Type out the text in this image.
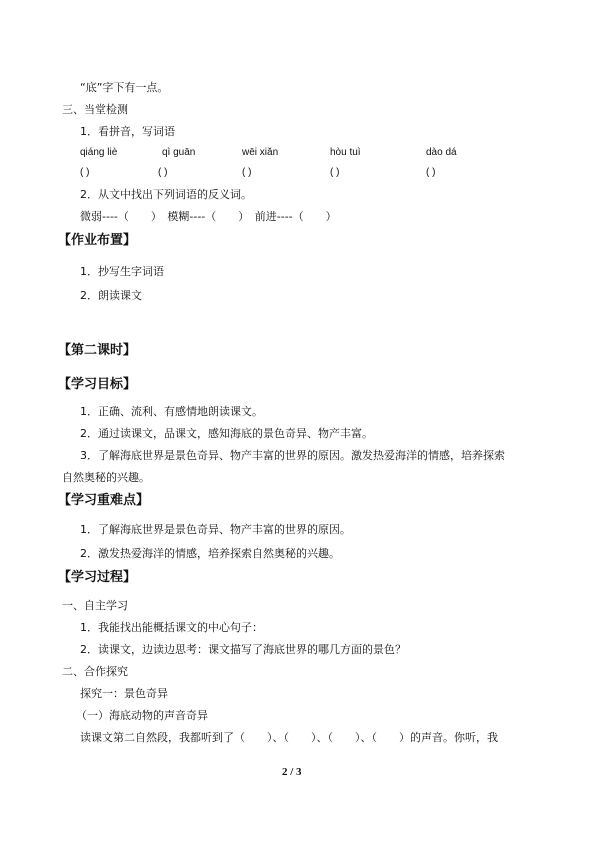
“底”字下有一点。
三、当堂检测
1．看拼音，写词语
qiáng liè	qì guān	wēi xiǎn	hòu tuì	dào dá
( )	( )	( )	( )	( )
2．从文中找出下列词语的反义词。
微弱----（　　）　模糊----（　　）　前进----（　　）
【作业布置】
1．抄写生字词语
2．朗读课文
【第二课时】
【学习目标】
1．正确、流利、有感情地朗读课文。
2．通过读课文，品课文，感知海底的景色奇异、物产丰富。
3．了解海底世界是景色奇异、物产丰富的世界的原因。激发热爱海洋的情感，培养探索
自然奥秘的兴趣。
【学习重难点】
1．了解海底世界是景色奇异、物产丰富的世界的原因。
2．激发热爱海洋的情感，培养探索自然奥秘的兴趣。
【学习过程】
一、自主学习
1．我能找出能概括课文的中心句子：
2．读课文，边读边思考：课文描写了海底世界的哪几方面的景色？
二、合作探究
探究一：景色奇异
（一）海底动物的声音奇异
读课文第二自然段，我都听到了（　　）、（　　）、（　　）、（　　）的声音。你听，我
2 / 3
